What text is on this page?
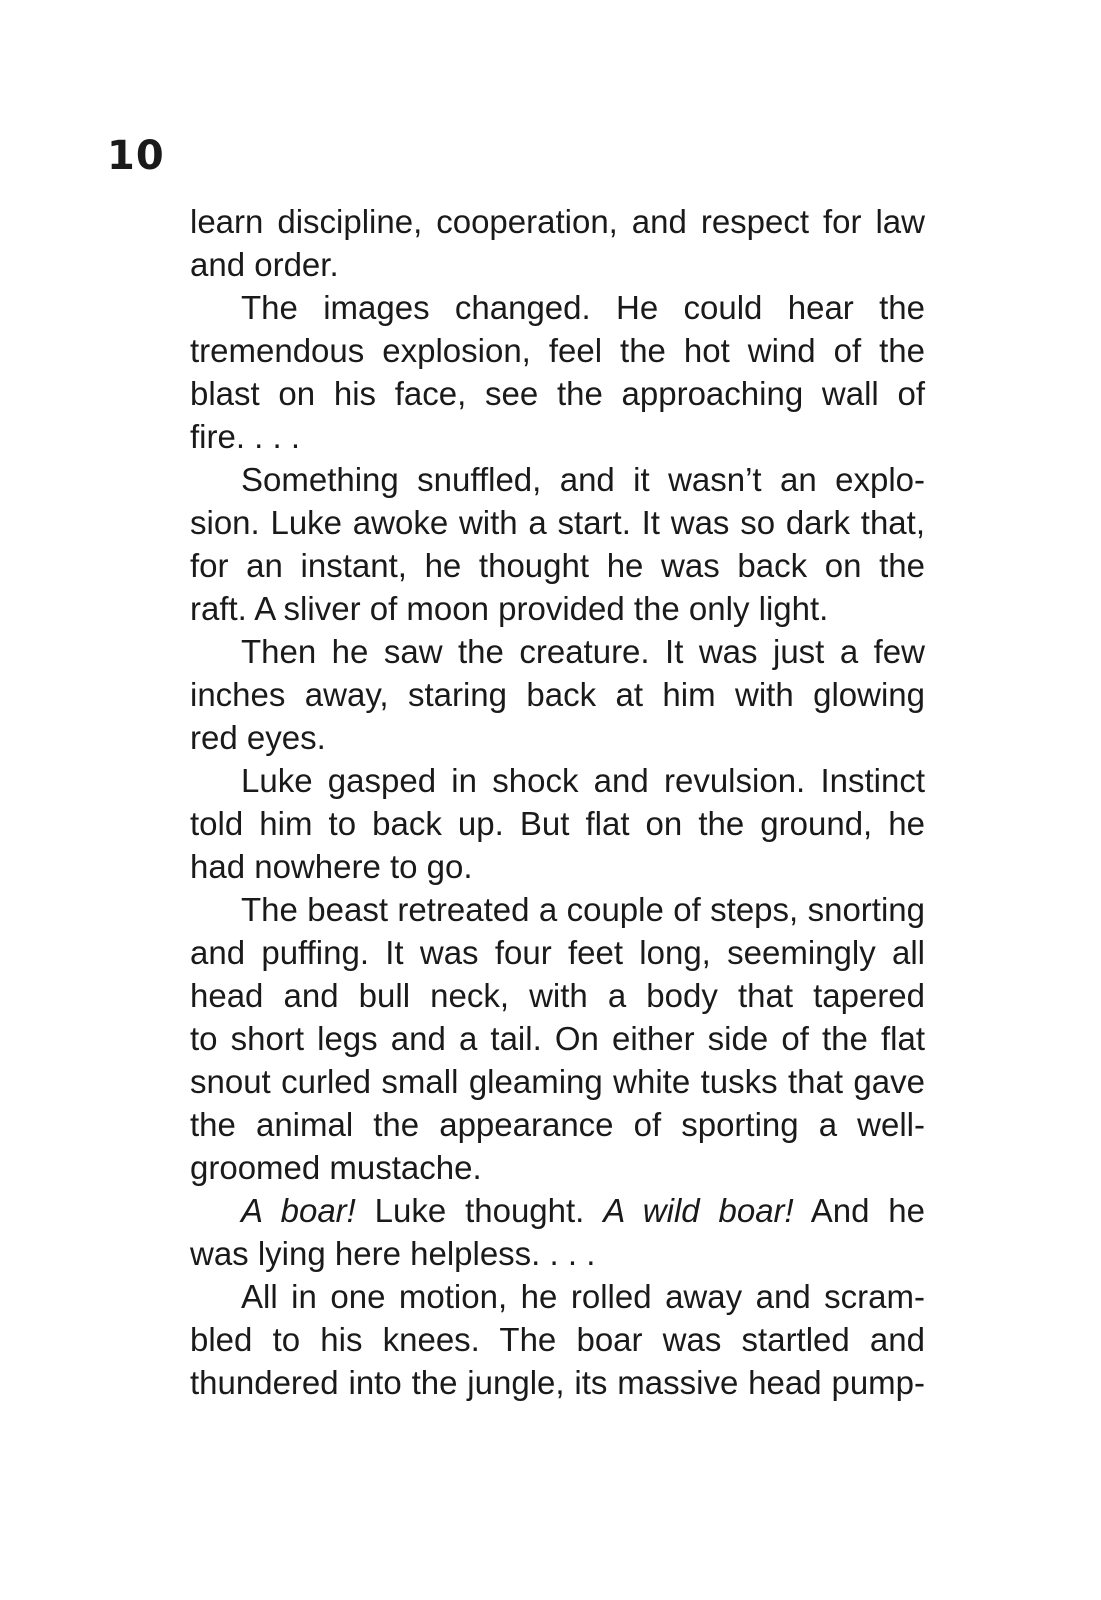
10
learn discipline, cooperation, and respect for law
and order.
The images changed. He could hear the
tremendous explosion, feel the hot wind of the
blast on his face, see the approaching wall of
fire. . . .
Something snuffled, and it wasn’t an explo-
sion. Luke awoke with a start. It was so dark that,
for an instant, he thought he was back on the
raft. A sliver of moon provided the only light.
Then he saw the creature. It was just a few
inches away, staring back at him with glowing
red eyes.
Luke gasped in shock and revulsion. Instinct
told him to back up. But flat on the ground, he
had nowhere to go.
The beast retreated a couple of steps, snorting
and puffing. It was four feet long, seemingly all
head and bull neck, with a body that tapered
to short legs and a tail. On either side of the flat
snout curled small gleaming white tusks that gave
the animal the appearance of sporting a well-
groomed mustache.
A boar! Luke thought. A wild boar! And he
was lying here helpless. . . .
All in one motion, he rolled away and scram-
bled to his knees. The boar was startled and
thundered into the jungle, its massive head pump-
